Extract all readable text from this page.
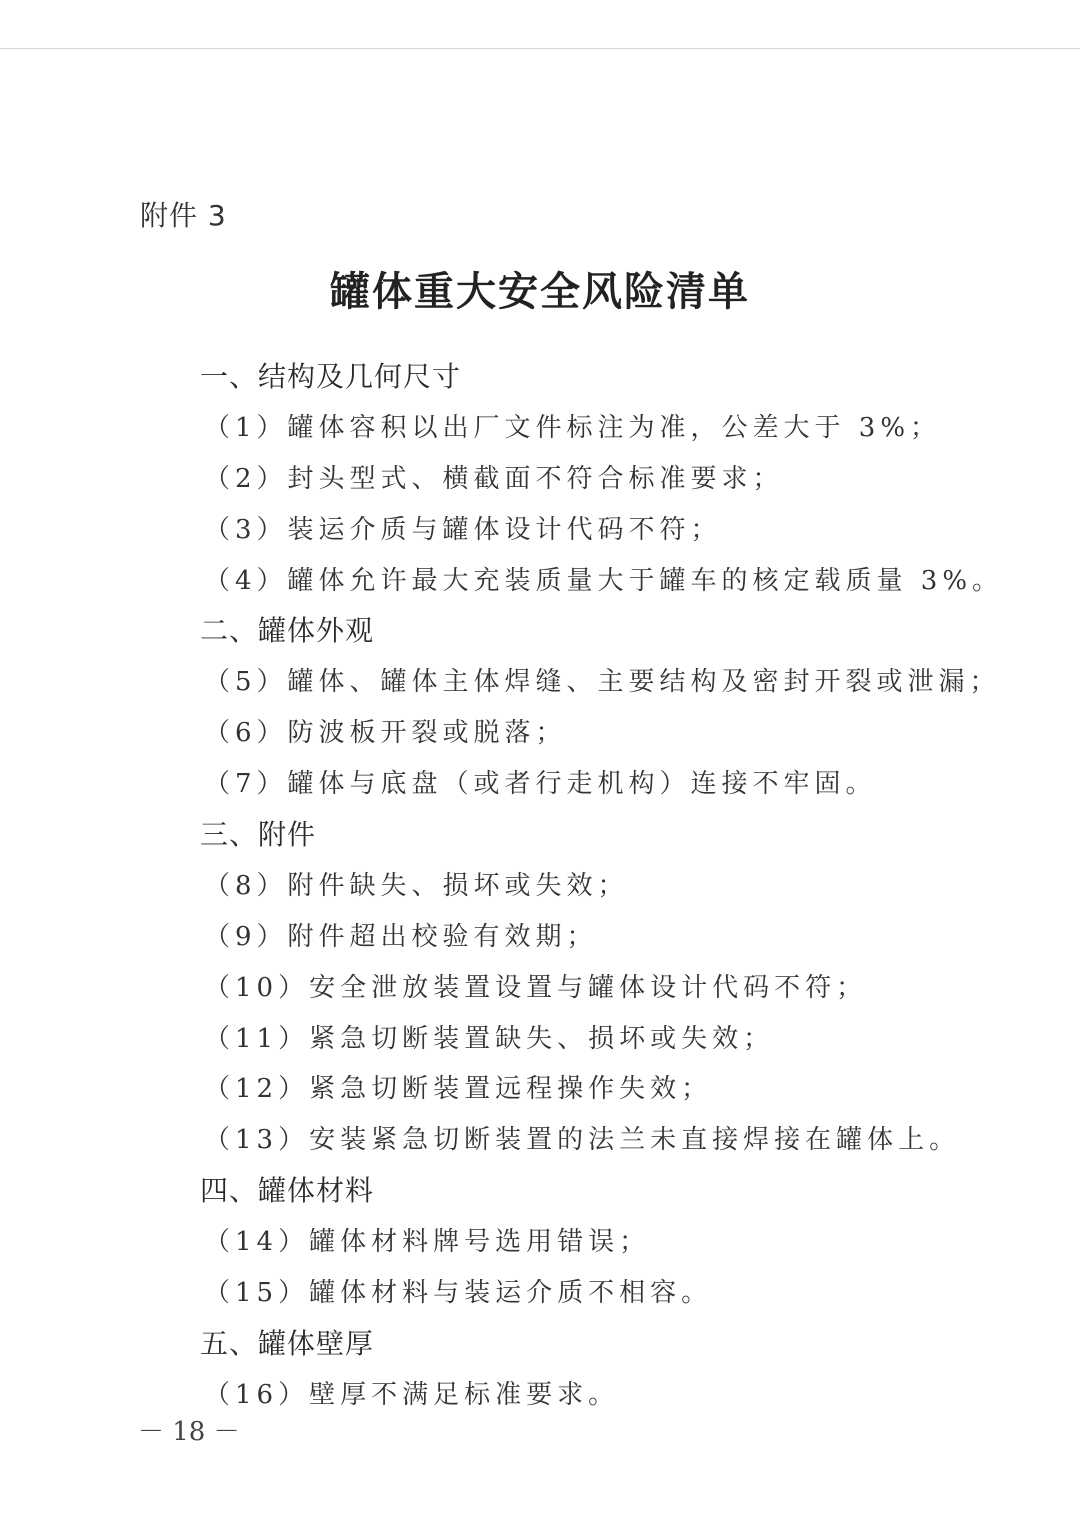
附件 3
罐体重大安全风险清单
一、结构及几何尺寸
（1）罐体容积以出厂文件标注为准，公差大于 3%；
（2）封头型式、横截面不符合标准要求；
（3）装运介质与罐体设计代码不符；
（4）罐体允许最大充装质量大于罐车的核定载质量 3%。
二、罐体外观
（5）罐体、罐体主体焊缝、主要结构及密封开裂或泄漏；
（6）防波板开裂或脱落；
（7）罐体与底盘（或者行走机构）连接不牢固。
三、附件
（8）附件缺失、损坏或失效；
（9）附件超出校验有效期；
（10）安全泄放装置设置与罐体设计代码不符；
（11）紧急切断装置缺失、损坏或失效；
（12）紧急切断装置远程操作失效；
（13）安装紧急切断装置的法兰未直接焊接在罐体上。
四、罐体材料
（14）罐体材料牌号选用错误；
（15）罐体材料与装运介质不相容。
五、罐体壁厚
（16）壁厚不满足标准要求。
－ 18 －
